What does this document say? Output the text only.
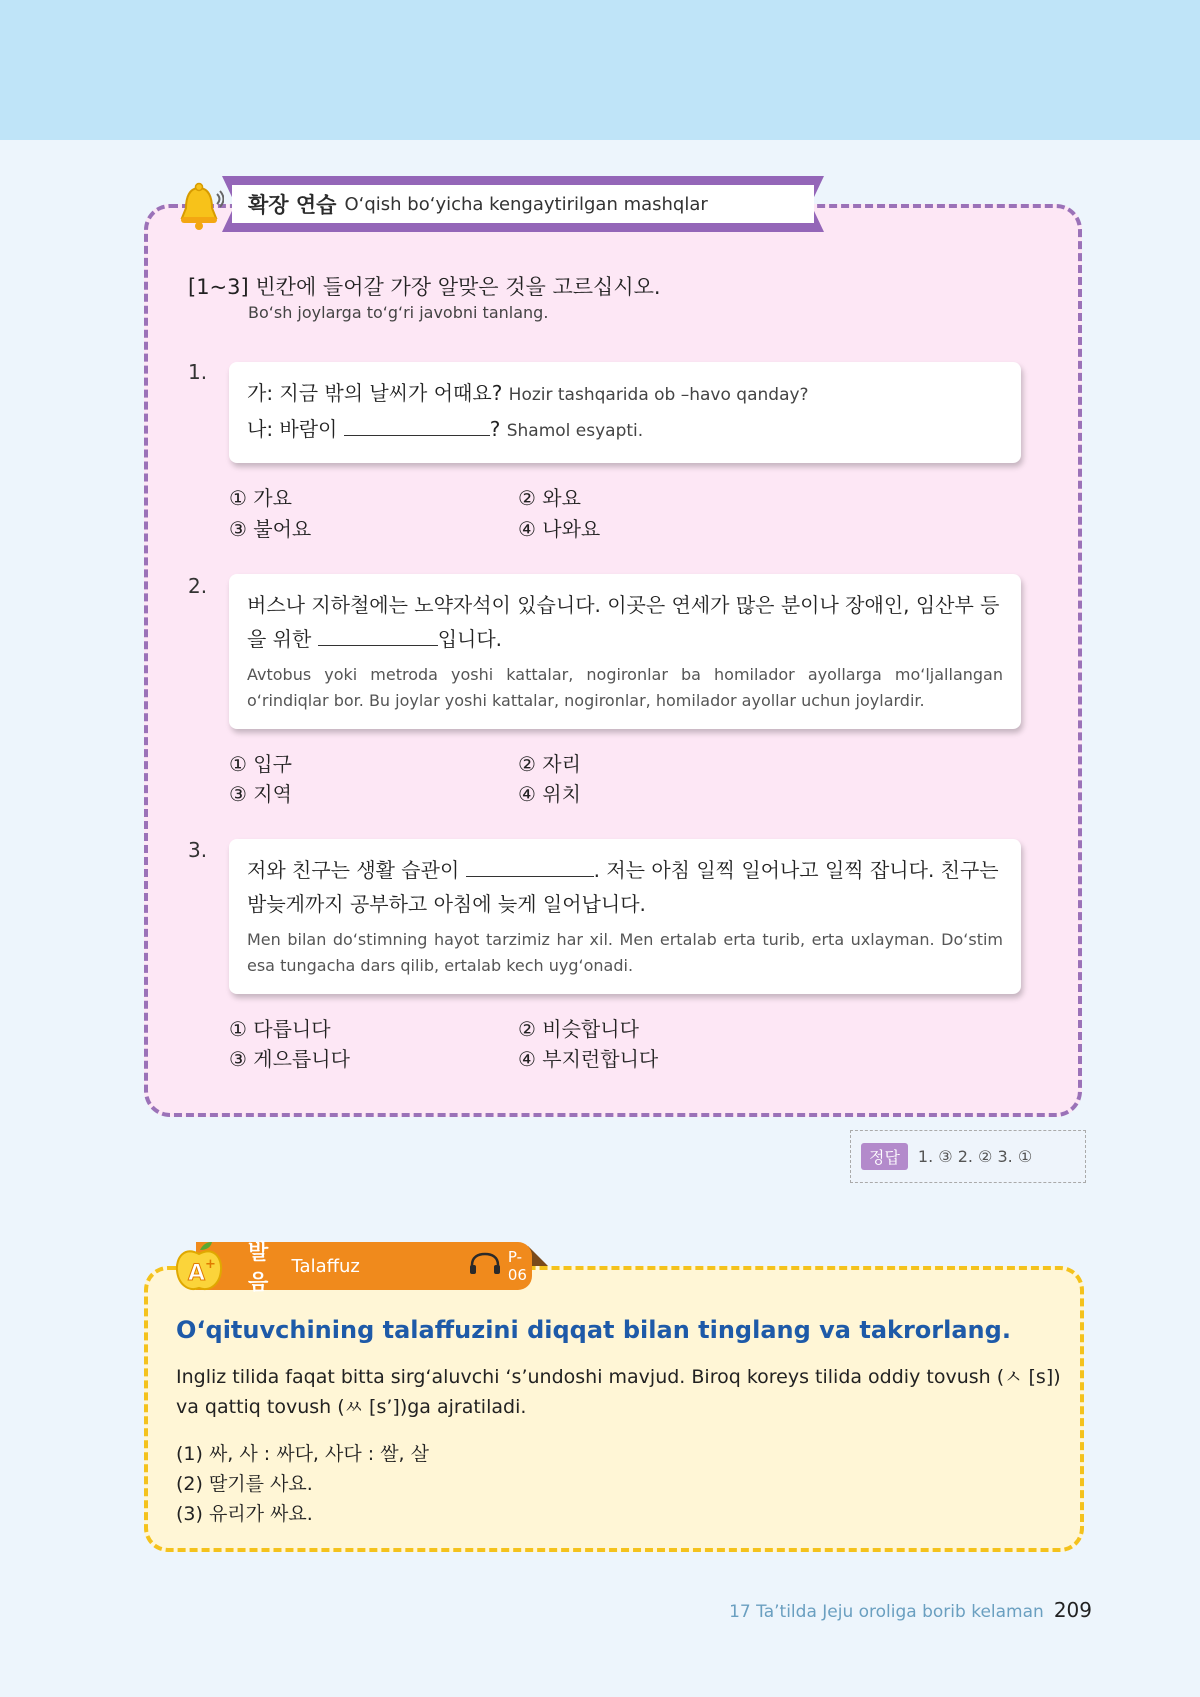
확장 연습 O‘qish bo‘yicha kengaytirilgan mashqlar
[1~3] 빈칸에 들어갈 가장 알맞은 것을 고르십시오.
Bo‘sh joylarga to‘g‘ri javobni tanlang.
1.
가: 지금 밖의 날씨가 어때요? Hozir tashqarida ob –havo qanday?
나: 바람이	? Shamol esyapti.
① 가요	② 와요
③ 불어요	④ 나와요
2.
버스나 지하철에는 노약자석이 있습니다. 이곳은 연세가 많은 분이나 장애인, 임산부 등
을 위한	입니다.
Avtobus yoki metroda yoshi kattalar, nogironlar ba homilador ayollarga mo‘ljallangan o‘rindiqlar bor. Bu joylar yoshi kattalar, nogironlar, homilador ayollar uchun joylardir.
① 입구	② 자리
③ 지역	④ 위치
3.
저와 친구는 생활 습관이	. 저는 아침 일찍 일어나고 일찍 잡니다. 친구는
밤늦게까지 공부하고 아침에 늦게 일어납니다.
Men bilan do‘stimning hayot tarzimiz har xil. Men ertalab erta turib, erta uxlayman. Do‘stim esa tungacha dars qilib, ertalab kech uyg‘onadi.
① 다릅니다	② 비슷합니다
③ 게으릅니다	④ 부지런합니다
정답	1. ③ 2. ② 3. ①
발음
Talaffuz	P-06
A +
O‘qituvchining talaffuzini diqqat bilan tinglang va takrorlang.
Ingliz tilida faqat bitta sirg‘aluvchi ‘s’undoshi mavjud. Biroq koreys tilida oddiy tovush (ㅅ [s]) va qattiq tovush (ㅆ [s’])ga ajratiladi.
(1) 싸, 사 : 싸다, 사다 : 쌀, 살
(2) 딸기를 사요.
(3) 유리가 싸요.
17 Ta’tilda Jeju oroliga borib kelaman 209
